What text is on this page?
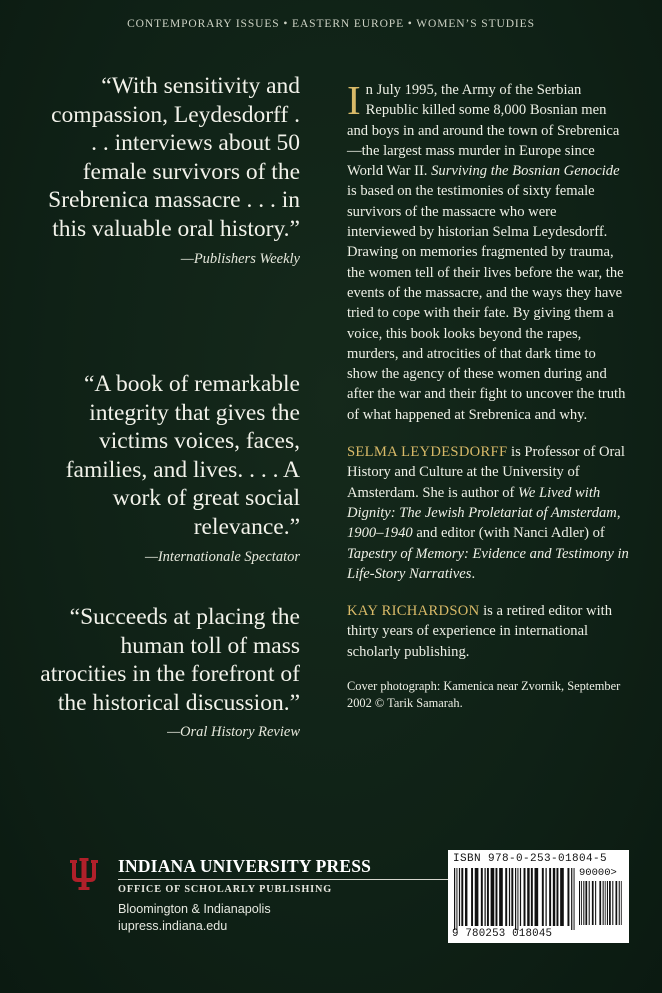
CONTEMPORARY ISSUES • EASTERN EUROPE • WOMEN’S STUDIES
“With sensitivity and compassion, Leydesdorff . . . interviews about 50 female survivors of the Srebrenica massacre . . . in this valuable oral history.”
—Publishers Weekly
“A book of remarkable integrity that gives the victims voices, faces, families, and lives. . . . A work of great social relevance.”
—Internationale Spectator
“Succeeds at placing the human toll of mass atrocities in the forefront of the historical discussion.”
—Oral History Review

In July 1995, the Army of the Serbian Republic killed some 8,000 Bosnian men and boys in and around the town of Srebrenica—the largest mass murder in Europe since World War II. Surviving the Bosnian Genocide is based on the testimonies of sixty female survivors of the massacre who were interviewed by historian Selma Leydesdorff. Drawing on memories fragmented by trauma, the women tell of their lives before the war, the events of the massacre, and the ways they have tried to cope with their fate. By giving them a voice, this book looks beyond the rapes, murders, and atrocities of that dark time to show the agency of these women during and after the war and their fight to uncover the truth of what happened at Srebrenica and why.

SELMA LEYDESDORFF is Professor of Oral History and Culture at the University of Amsterdam. She is author of We Lived with Dignity: The Jewish Proletariat of Amsterdam, 1900–1940 and editor (with Nanci Adler) of Tapestry of Memory: Evidence and Testimony in Life-Story Narratives.

KAY RICHARDSON is a retired editor with thirty years of experience in international scholarly publishing.

Cover photograph: Kamenica near Zvornik, September 2002 © Tarik Samarah.

INDIANA UNIVERSITY PRESS
OFFICE OF SCHOLARLY PUBLISHING
Bloomington & Indianapolis
iupress.indiana.edu
ISBN 978-0-253-01804-5
90000>
9 780253 018045
